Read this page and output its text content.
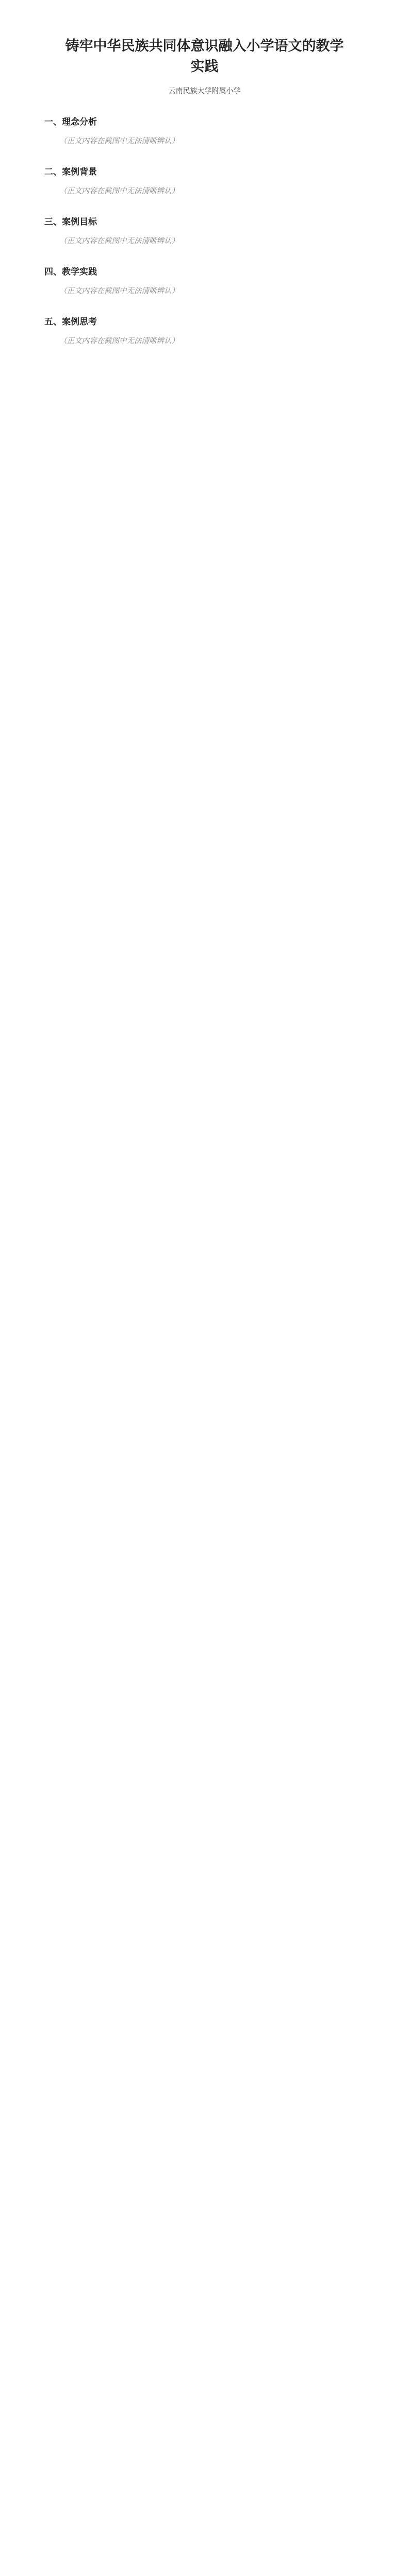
铸牢中华民族共同体意识融入小学语文的教学实践
云南民族大学附属小学
一、理念分析

（正文内容在截图中无法清晰辨认）

二、案例背景

（正文内容在截图中无法清晰辨认）

三、案例目标

（正文内容在截图中无法清晰辨认）

四、教学实践

（正文内容在截图中无法清晰辨认）

五、案例思考

（正文内容在截图中无法清晰辨认）
